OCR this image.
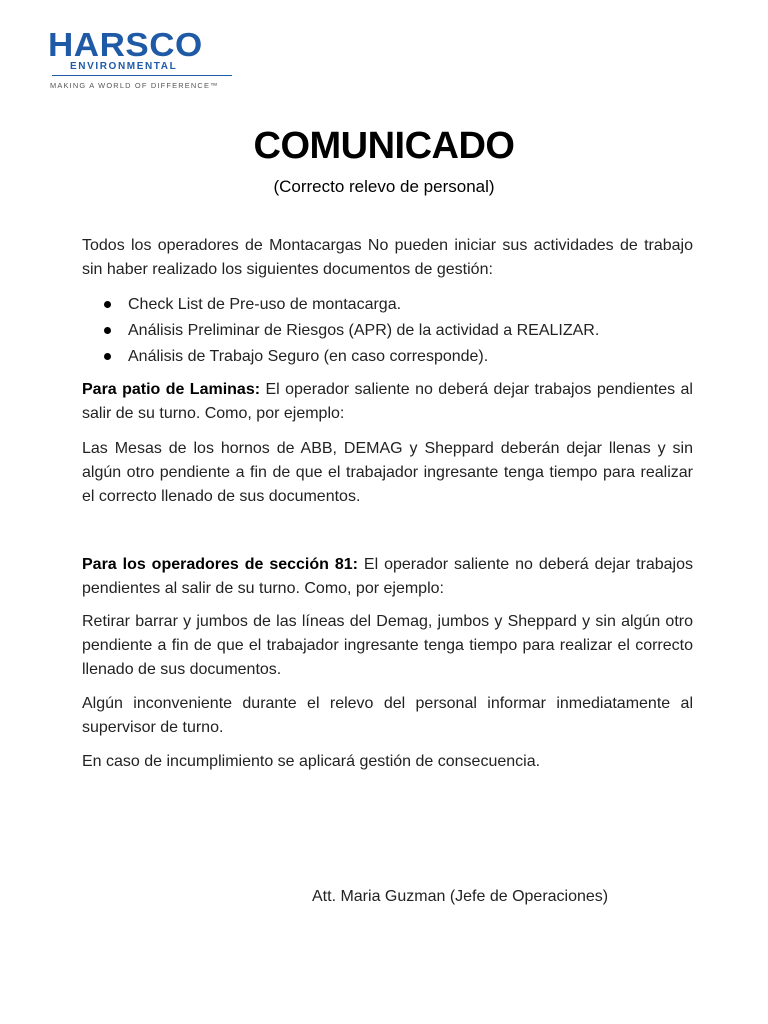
HARSCO
ENVIRONMENTAL
MAKING A WORLD OF DIFFERENCE™
COMUNICADO
(Correcto relevo de personal)

Todos los operadores de Montacargas No pueden iniciar sus actividades de trabajo sin haber realizado los siguientes documentos de gestión:

Check List de Pre-uso de montacarga.
Análisis Preliminar de Riesgos (APR) de la actividad a REALIZAR.
Análisis de Trabajo Seguro (en caso corresponde).

Para patio de Laminas: El operador saliente no deberá dejar trabajos pendientes al salir de su turno. Como, por ejemplo:

Las Mesas de los hornos de ABB, DEMAG y Sheppard deberán dejar llenas y sin algún otro pendiente a fin de que el trabajador ingresante tenga tiempo para realizar el correcto llenado de sus documentos.

Para los operadores de sección 81: El operador saliente no deberá dejar trabajos pendientes al salir de su turno. Como, por ejemplo:

Retirar barrar y jumbos de las líneas del Demag, jumbos y Sheppard y sin algún otro pendiente a fin de que el trabajador ingresante tenga tiempo para realizar el correcto llenado de sus documentos.

Algún inconveniente durante el relevo del personal informar inmediatamente al supervisor de turno.

En caso de incumplimiento se aplicará gestión de consecuencia.

Att. Maria Guzman (Jefe de Operaciones)
